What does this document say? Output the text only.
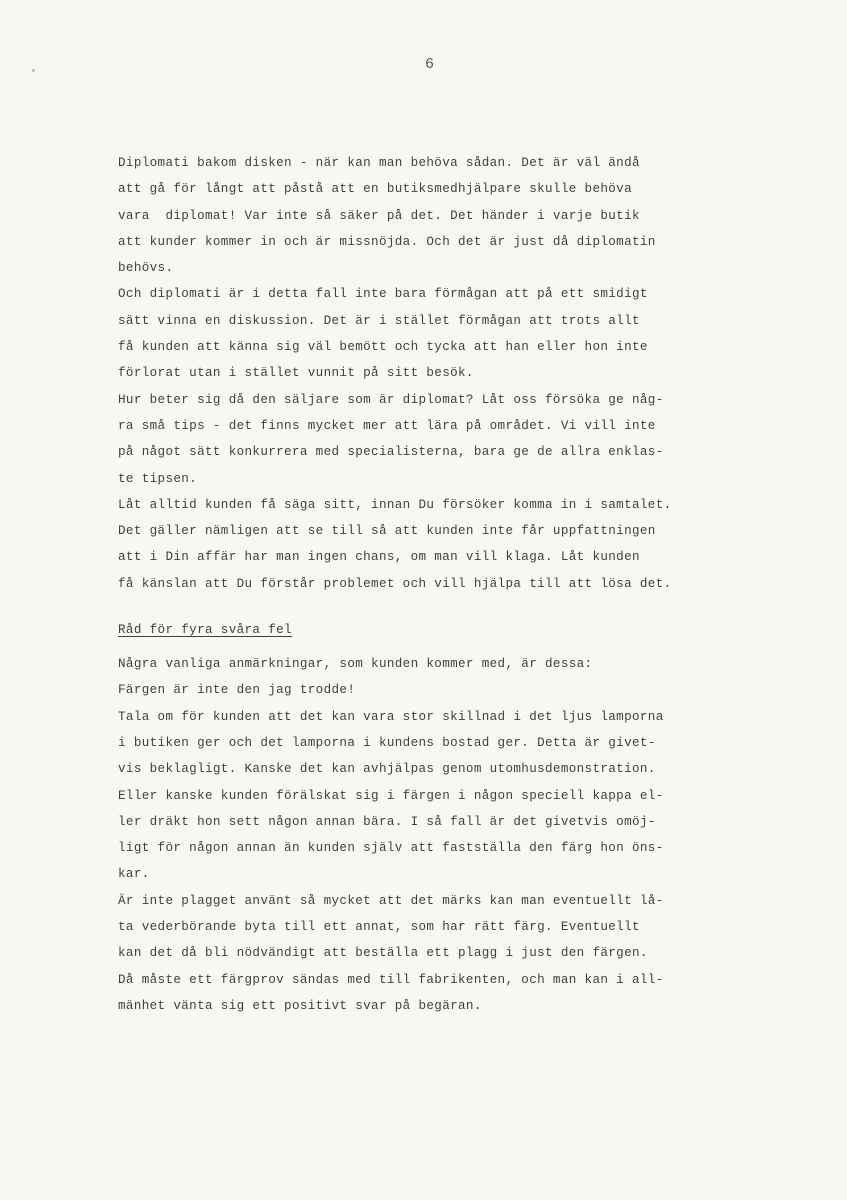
6
Diplomati bakom disken - när kan man behöva sådan. Det är väl ändå
att gå för långt att påstå att en butiksmedhjälpare skulle behöva
vara  diplomat! Var inte så säker på det. Det händer i varje butik
att kunder kommer in och är missnöjda. Och det är just då diplomatin
behövs.
Och diplomati är i detta fall inte bara förmågan att på ett smidigt
sätt vinna en diskussion. Det är i stället förmågan att trots allt
få kunden att känna sig väl bemött och tycka att han eller hon inte
förlorat utan i stället vunnit på sitt besök.
Hur beter sig då den säljare som är diplomat? Låt oss försöka ge någ-
ra små tips - det finns mycket mer att lära på området. Vi vill inte
på något sätt konkurrera med specialisterna, bara ge de allra enklas-
te tipsen.
Låt alltid kunden få säga sitt, innan Du försöker komma in i samtalet.
Det gäller nämligen att se till så att kunden inte får uppfattningen
att i Din affär har man ingen chans, om man vill klaga. Låt kunden
få känslan att Du förstår problemet och vill hjälpa till att lösa det.
Råd för fyra svåra fel
Några vanliga anmärkningar, som kunden kommer med, är dessa:
Färgen är inte den jag trodde!
Tala om för kunden att det kan vara stor skillnad i det ljus lamporna
i butiken ger och det lamporna i kundens bostad ger. Detta är givet-
vis beklagligt. Kanske det kan avhjälpas genom utomhusdemonstration.
Eller kanske kunden förälskat sig i färgen i någon speciell kappa el-
ler dräkt hon sett någon annan bära. I så fall är det givetvis omöj-
ligt för någon annan än kunden själv att fastställa den färg hon öns-
kar.
Är inte plagget använt så mycket att det märks kan man eventuellt lå-
ta vederbörande byta till ett annat, som har rätt färg. Eventuellt
kan det då bli nödvändigt att beställa ett plagg i just den färgen.
Då måste ett färgprov sändas med till fabrikenten, och man kan i all-
mänhet vänta sig ett positivt svar på begäran.
